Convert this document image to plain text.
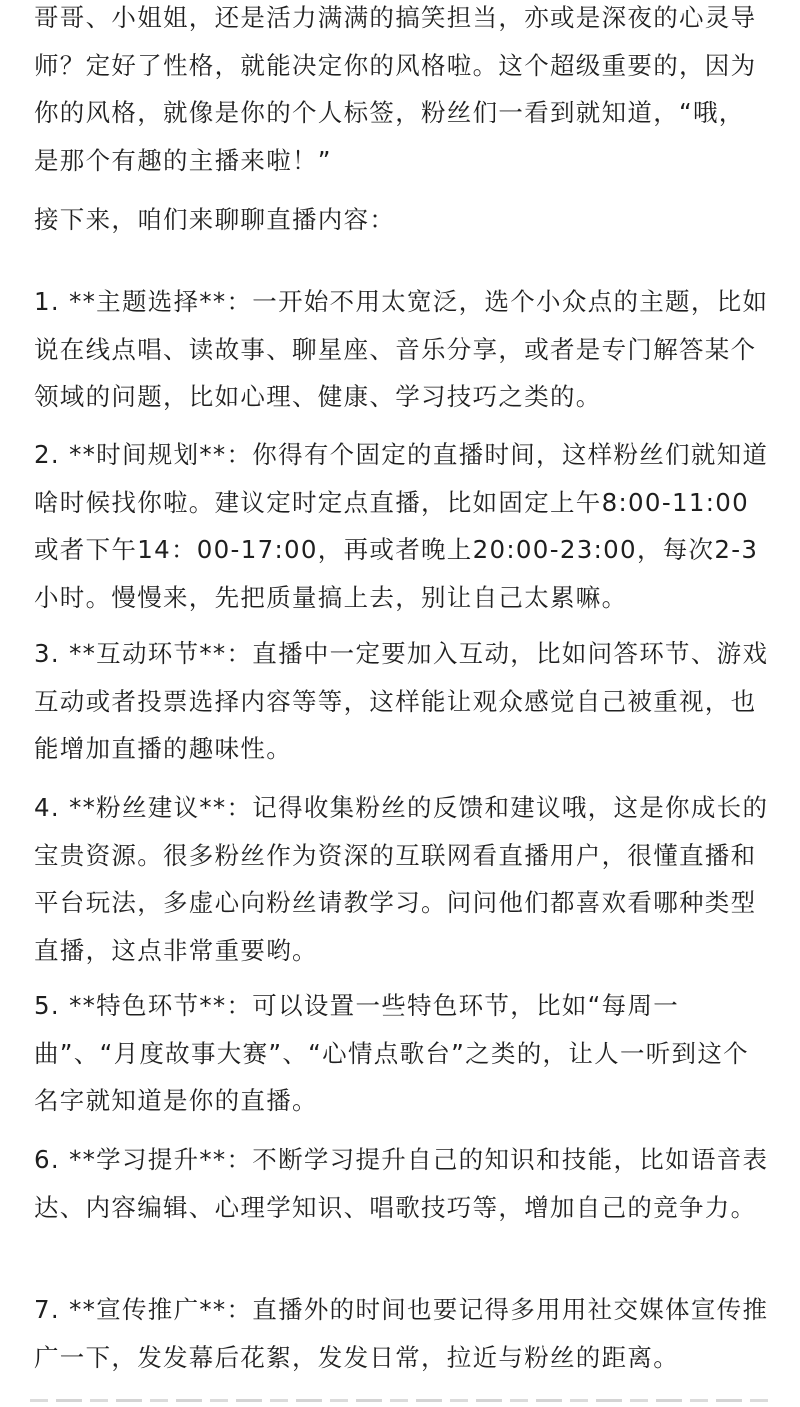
哥哥、小姐姐，还是活力满满的搞笑担当，亦或是深夜的心灵导师？定好了性格，就能决定你的风格啦。这个超级重要的，因为你的风格，就像是你的个人标签，粉丝们一看到就知道，“哦，是那个有趣的主播来啦！”

接下来，咱们来聊聊直播内容：

1. **主题选择**：一开始不用太宽泛，选个小众点的主题，比如说在线点唱、读故事、聊星座、音乐分享，或者是专门解答某个领域的问题，比如心理、健康、学习技巧之类的。

2. **时间规划**：你得有个固定的直播时间，这样粉丝们就知道啥时候找你啦。建议定时定点直播，比如固定上午8:00-11:00或者下午14：00-17:00，再或者晚上20:00-23:00，每次2-3小时。慢慢来，先把质量搞上去，别让自己太累嘛。

3. **互动环节**：直播中一定要加入互动，比如问答环节、游戏互动或者投票选择内容等等，这样能让观众感觉自己被重视，也能增加直播的趣味性。

4. **粉丝建议**：记得收集粉丝的反馈和建议哦，这是你成长的宝贵资源。很多粉丝作为资深的互联网看直播用户，很懂直播和平台玩法，多虚心向粉丝请教学习。问问他们都喜欢看哪种类型直播，这点非常重要哟。

5. **特色环节**：可以设置一些特色环节，比如“每周一曲”、“月度故事大赛”、“心情点歌台”之类的，让人一听到这个名字就知道是你的直播。

6. **学习提升**：不断学习提升自己的知识和技能，比如语音表达、内容编辑、心理学知识、唱歌技巧等，增加自己的竞争力。

7. **宣传推广**：直播外的时间也要记得多用用社交媒体宣传推广一下，发发幕后花絮，发发日常，拉近与粉丝的距离。
